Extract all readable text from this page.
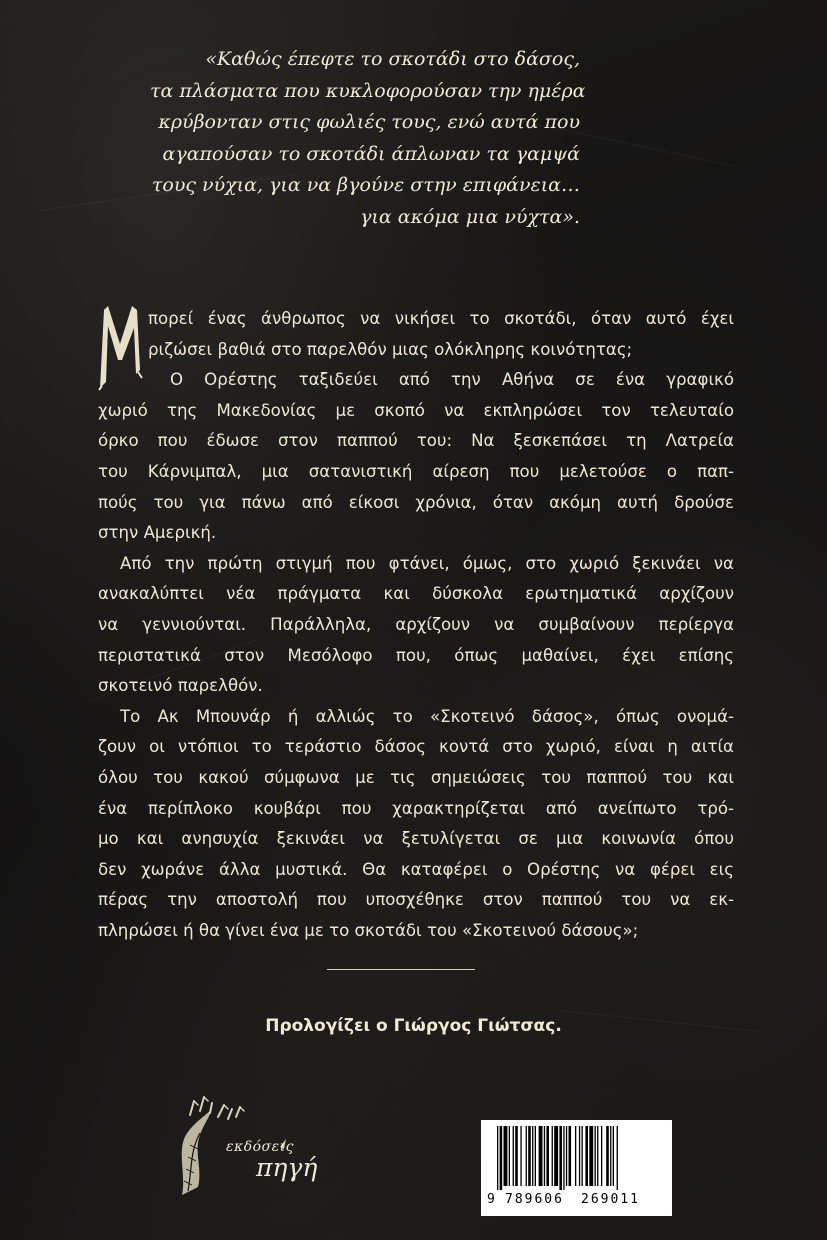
«Καθώς έπεφτε το σκοτάδι στο δάσος,

τα πλάσματα που κυκλοφορούσαν την ημέρα

κρύβονταν στις φωλιές τους, ενώ αυτά που

αγαπούσαν το σκοτάδι άπλωναν τα γαμψά

τους νύχια, για να βγούνε στην επιφάνεια…

για ακόμα μια νύχτα».

πορεί ένας άνθρωπος να νικήσει το σκοτάδι, όταν αυτό έχει
ριζώσει βαθιά στο παρελθόν μιας ολόκληρης κοινότητας;
Ο Ορέστης ταξιδεύει από την Αθήνα σε ένα γραφικό
χωριό της Μακεδονίας με σκοπό να εκπληρώσει τον τελευταίο
όρκο που έδωσε στον παππού του: Να ξεσκεπάσει τη Λατρεία
του Κάρνιμπαλ, μια σατανιστική αίρεση που μελετούσε ο παπ-
πούς του για πάνω από είκοσι χρόνια, όταν ακόμη αυτή δρούσε
στην Αμερική.
Από την πρώτη στιγμή που φτάνει, όμως, στο χωριό ξεκινάει να
ανακαλύπτει νέα πράγματα και δύσκολα ερωτηματικά αρχίζουν
να γεννιούνται. Παράλληλα, αρχίζουν να συμβαίνουν περίεργα
περιστατικά στον Μεσόλοφο που, όπως μαθαίνει, έχει επίσης
σκοτεινό παρελθόν.
Το Ακ Μπουνάρ ή αλλιώς το «Σκοτεινό δάσος», όπως ονομά-
ζουν οι ντόπιοι το τεράστιο δάσος κοντά στο χωριό, είναι η αιτία
όλου του κακού σύμφωνα με τις σημειώσεις του παππού του και
ένα περίπλοκο κουβάρι που χαρακτηρίζεται από ανείπωτο τρό-
μο και ανησυχία ξεκινάει να ξετυλίγεται σε μια κοινωνία όπου
δεν χωράνε άλλα μυστικά. Θα καταφέρει ο Ορέστης να φέρει εις
πέρας την αποστολή που υποσχέθηκε στον παππού του να εκ-
πληρώσει ή θα γίνει ένα με το σκοτάδι του «Σκοτεινού δάσους»;
Προλογίζει ο Γιώργος Γιώτσας.
εκδόσεις
πηγή
9 789606 269011
